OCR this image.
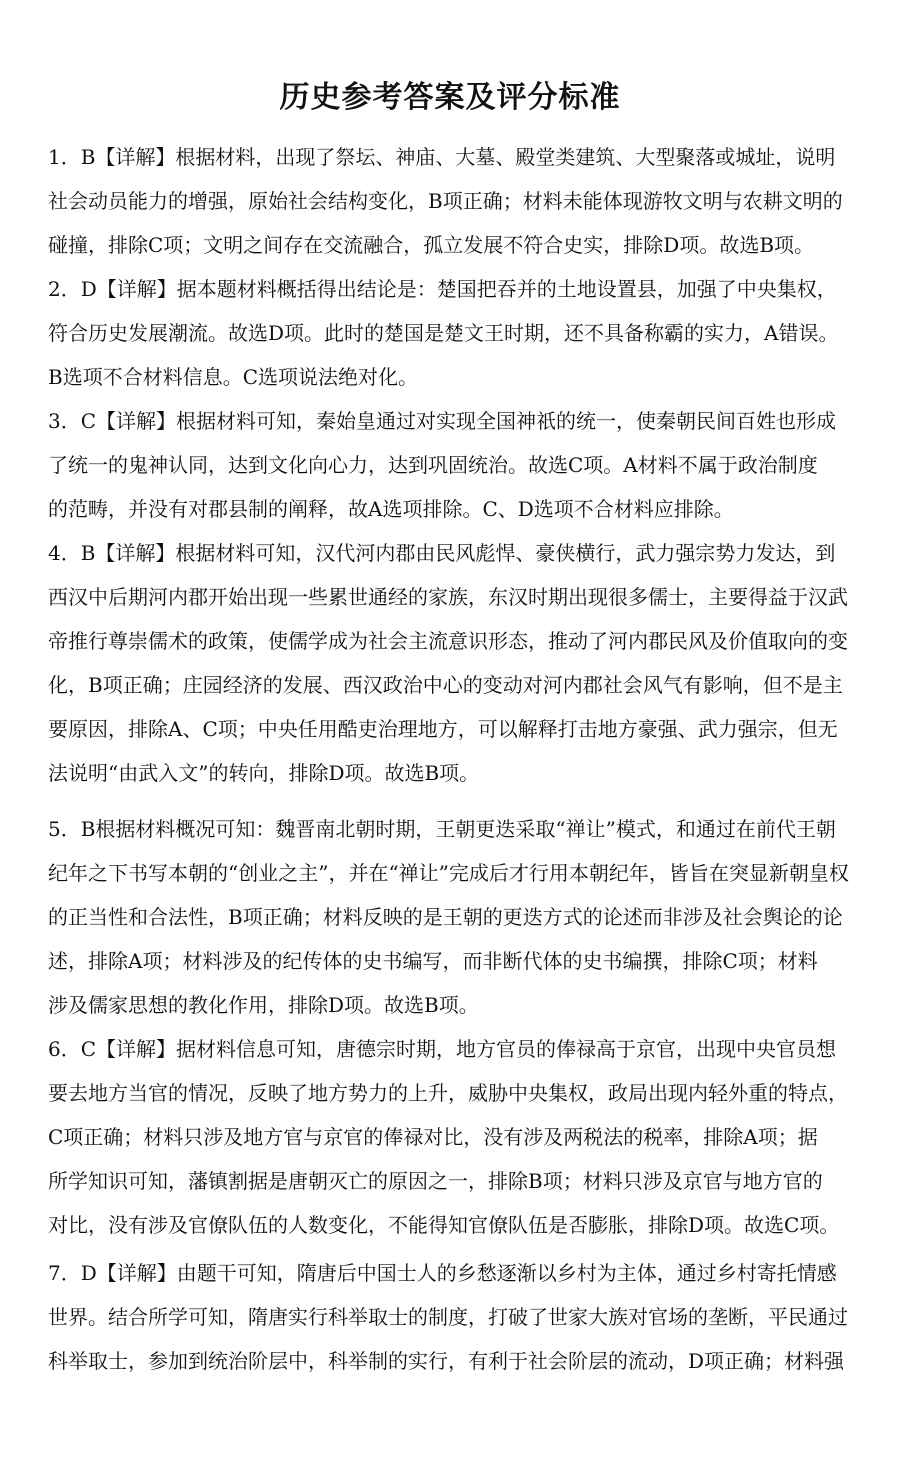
历史参考答案及评分标准
1．B【详解】根据材料，出现了祭坛、神庙、大墓、殿堂类建筑、大型聚落或城址，说明
社会动员能力的增强，原始社会结构变化，B项正确；材料未能体现游牧文明与农耕文明的
碰撞，排除C项；文明之间存在交流融合，孤立发展不符合史实，排除D项。故选B项。
2．D【详解】据本题材料概括得出结论是：楚国把吞并的土地设置县，加强了中央集权，
符合历史发展潮流。故选D项。此时的楚国是楚文王时期，还不具备称霸的实力，A错误。
B选项不合材料信息。C选项说法绝对化。
3．C【详解】根据材料可知，秦始皇通过对实现全国神祇的统一，使秦朝民间百姓也形成
了统一的鬼神认同，达到文化向心力，达到巩固统治。故选C项。A材料不属于政治制度
的范畴，并没有对郡县制的阐释，故A选项排除。C、D选项不合材料应排除。
4．B【详解】根据材料可知，汉代河内郡由民风彪悍、豪侠横行，武力强宗势力发达，到
西汉中后期河内郡开始出现一些累世通经的家族，东汉时期出现很多儒士，主要得益于汉武
帝推行尊崇儒术的政策，使儒学成为社会主流意识形态，推动了河内郡民风及价值取向的变
化，B项正确；庄园经济的发展、西汉政治中心的变动对河内郡社会风气有影响，但不是主
要原因，排除A、C项；中央任用酷吏治理地方，可以解释打击地方豪强、武力强宗，但无
法说明“由武入文”的转向，排除D项。故选B项。
5．B根据材料概况可知：魏晋南北朝时期，王朝更迭采取“禅让”模式，和通过在前代王朝
纪年之下书写本朝的“创业之主”，并在“禅让”完成后才行用本朝纪年，皆旨在突显新朝皇权
的正当性和合法性，B项正确；材料反映的是王朝的更迭方式的论述而非涉及社会舆论的论
述，排除A项；材料涉及的纪传体的史书编写，而非断代体的史书编撰，排除C项；材料
涉及儒家思想的教化作用，排除D项。故选B项。
6．C【详解】据材料信息可知，唐德宗时期，地方官员的俸禄高于京官，出现中央官员想
要去地方当官的情况，反映了地方势力的上升，威胁中央集权，政局出现内轻外重的特点，
C项正确；材料只涉及地方官与京官的俸禄对比，没有涉及两税法的税率，排除A项；据
所学知识可知，藩镇割据是唐朝灭亡的原因之一，排除B项；材料只涉及京官与地方官的
对比，没有涉及官僚队伍的人数变化，不能得知官僚队伍是否膨胀，排除D项。故选C项。
7．D【详解】由题干可知，隋唐后中国士人的乡愁逐渐以乡村为主体，通过乡村寄托情感
世界。结合所学可知，隋唐实行科举取士的制度，打破了世家大族对官场的垄断，平民通过
科举取士，参加到统治阶层中，科举制的实行，有利于社会阶层的流动，D项正确；材料强
